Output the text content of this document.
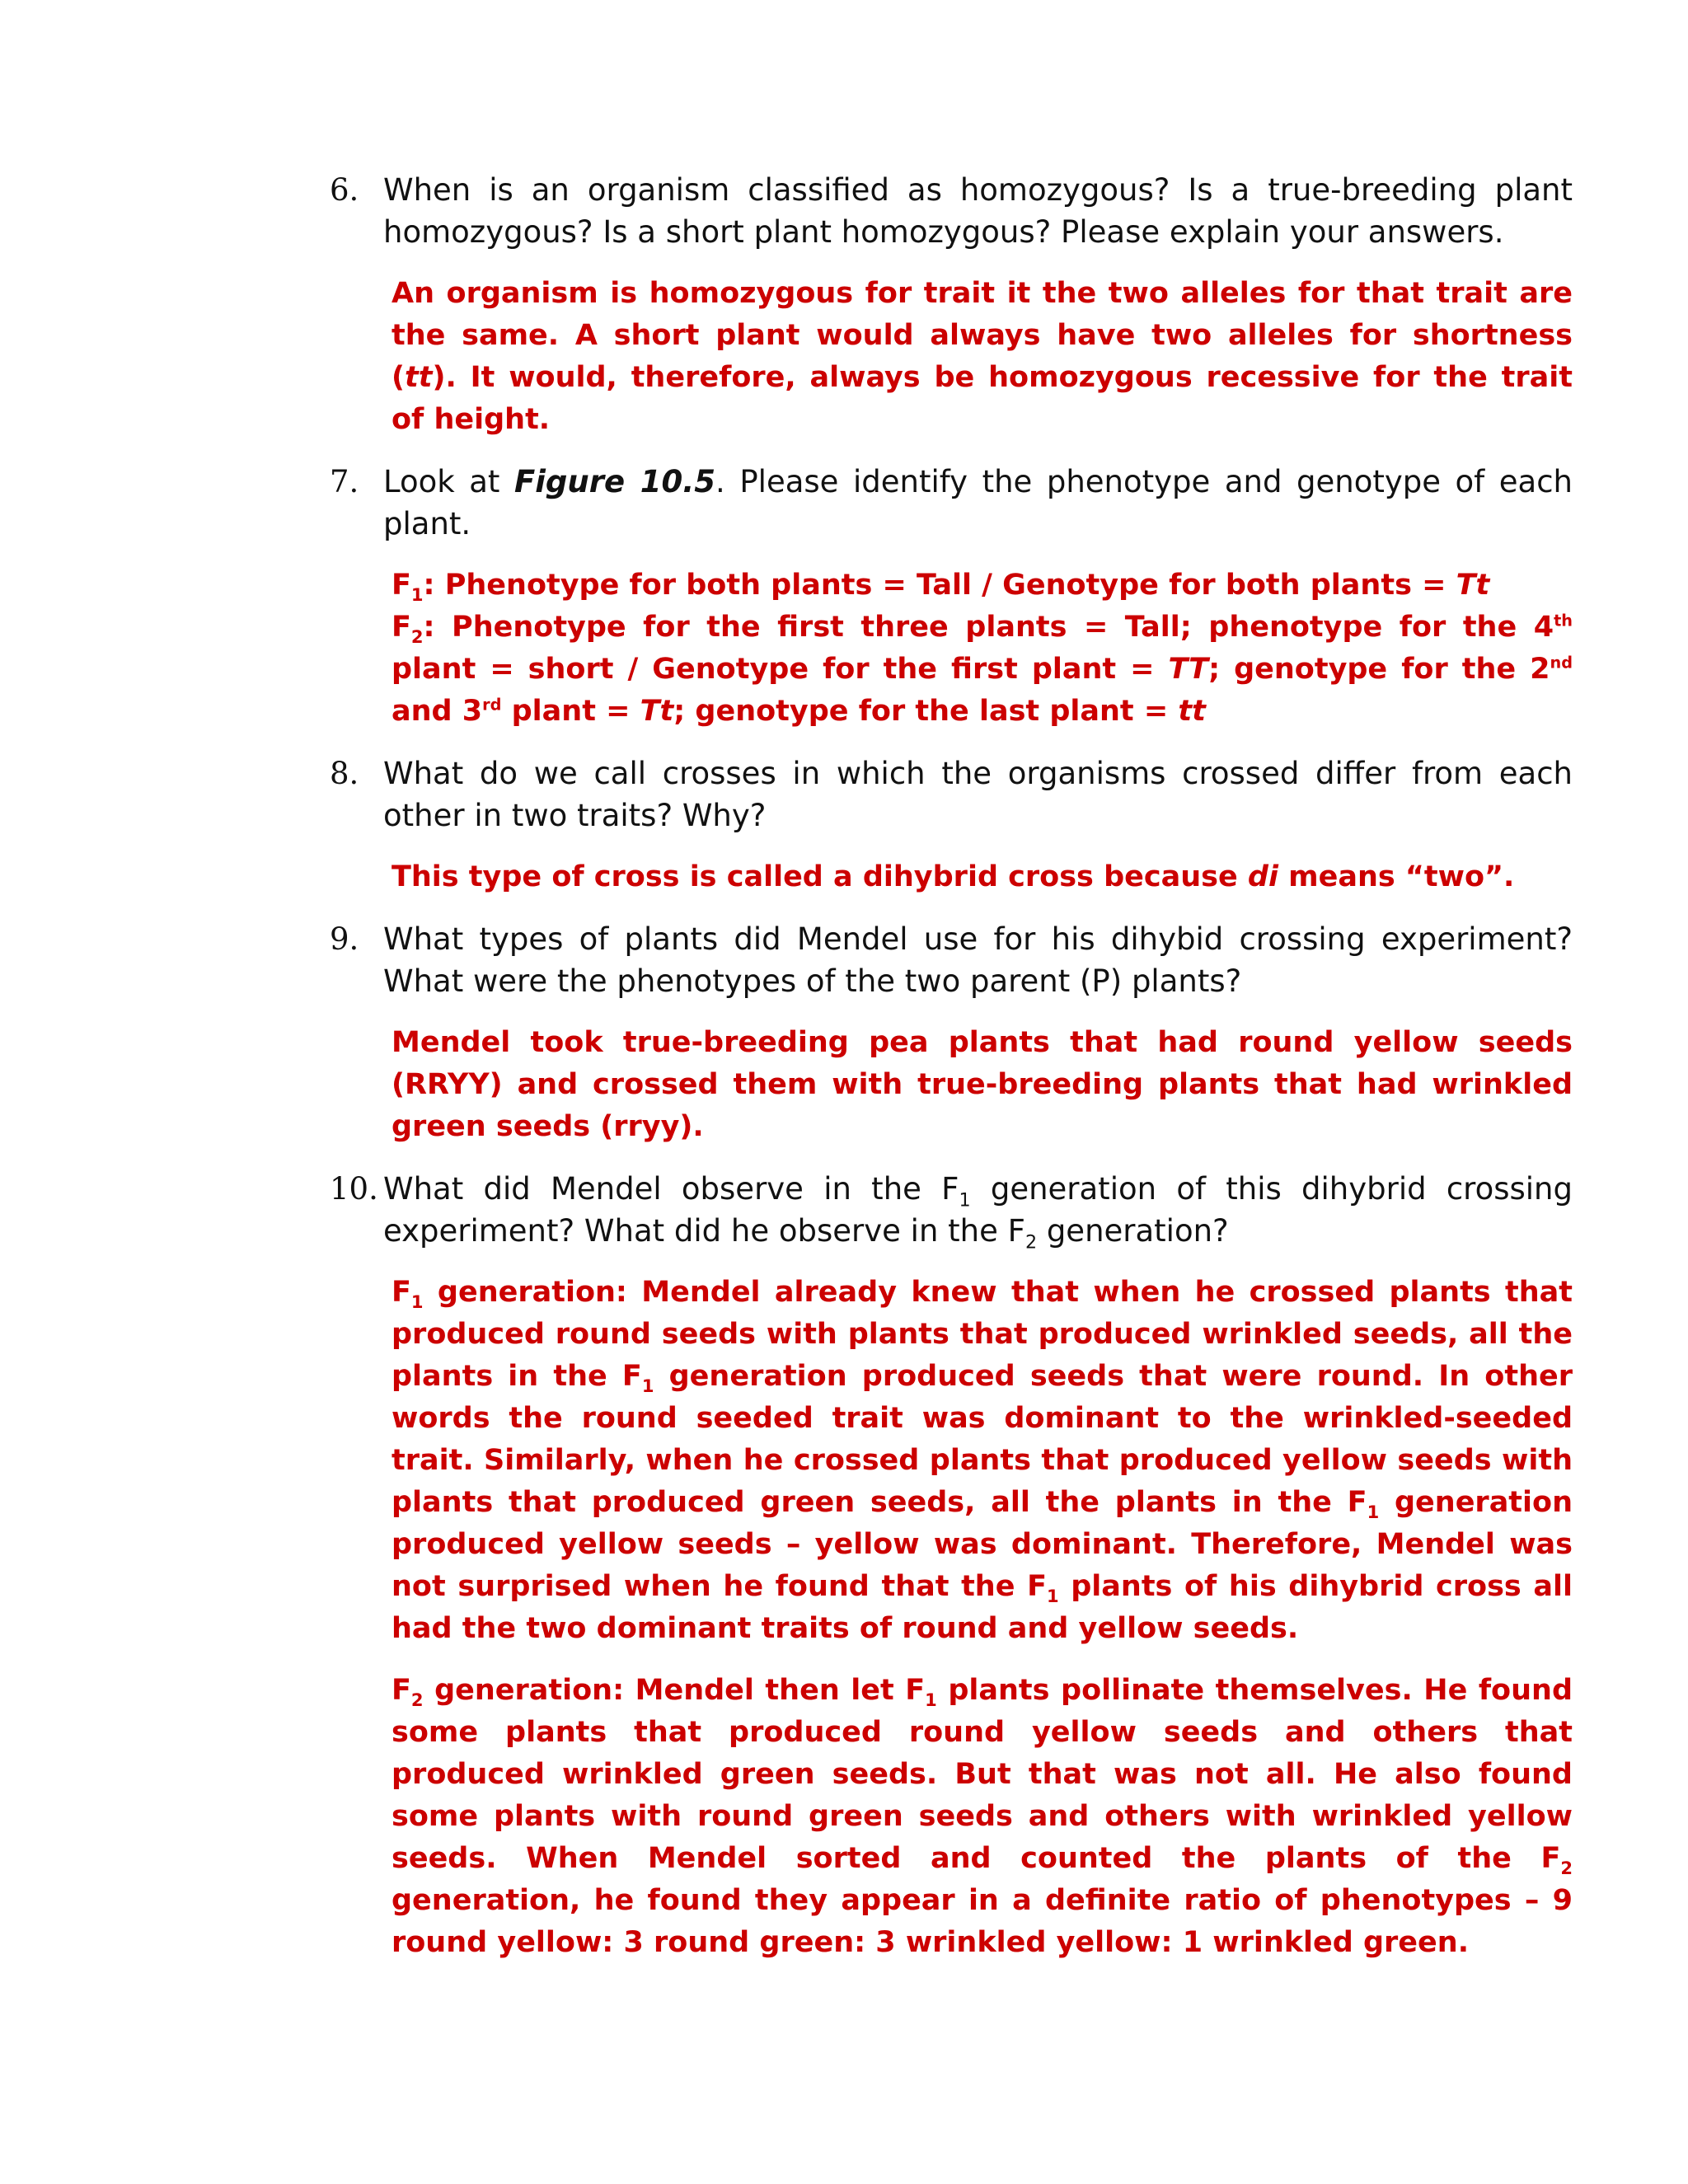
6. When is an organism classified as homozygous? Is a true-breeding plant homozygous? Is a short plant homozygous? Please explain your answers.
An organism is homozygous for trait it the two alleles for that trait are the same. A short plant would always have two alleles for shortness (tt). It would, therefore, always be homozygous recessive for the trait of height.
7. Look at Figure 10.5. Please identify the phenotype and genotype of each plant.
$F_1$: Phenotype for both plants = Tall / Genotype for both plants = Tt
$F_2$: Phenotype for the first three plants = Tall; phenotype for the 4th plant = short / Genotype for the first plant = TT; genotype for the 2nd and 3rd plant = Tt; genotype for the last plant = tt
8. What do we call crosses in which the organisms crossed differ from each other in two traits? Why?
This type of cross is called a dihybrid cross because di means “two”.
9. What types of plants did Mendel use for his dihybid crossing experiment? What were the phenotypes of the two parent (P) plants?
Mendel took true-breeding pea plants that had round yellow seeds (RRYY) and crossed them with true-breeding plants that had wrinkled green seeds (rryy).
10. What did Mendel observe in the $F_1$ generation of this dihybrid crossing experiment? What did he observe in the $F_2$ generation?
$F_1$ generation: Mendel already knew that when he crossed plants that produced round seeds with plants that produced wrinkled seeds, all the plants in the $F_1$ generation produced seeds that were round. In other words the round seeded trait was dominant to the wrinkled-seeded trait. Similarly, when he crossed plants that produced yellow seeds with plants that produced green seeds, all the plants in the $F_1$ generation produced yellow seeds – yellow was dominant. Therefore, Mendel was not surprised when he found that the $F_1$ plants of his dihybrid cross all had the two dominant traits of round and yellow seeds.
$F_2$ generation: Mendel then let $F_1$ plants pollinate themselves. He found some plants that produced round yellow seeds and others that produced wrinkled green seeds. But that was not all. He also found some plants with round green seeds and others with wrinkled yellow seeds. When Mendel sorted and counted the plants of the $F_2$ generation, he found they appear in a definite ratio of phenotypes – 9 round yellow: 3 round green: 3 wrinkled yellow: 1 wrinkled green.
